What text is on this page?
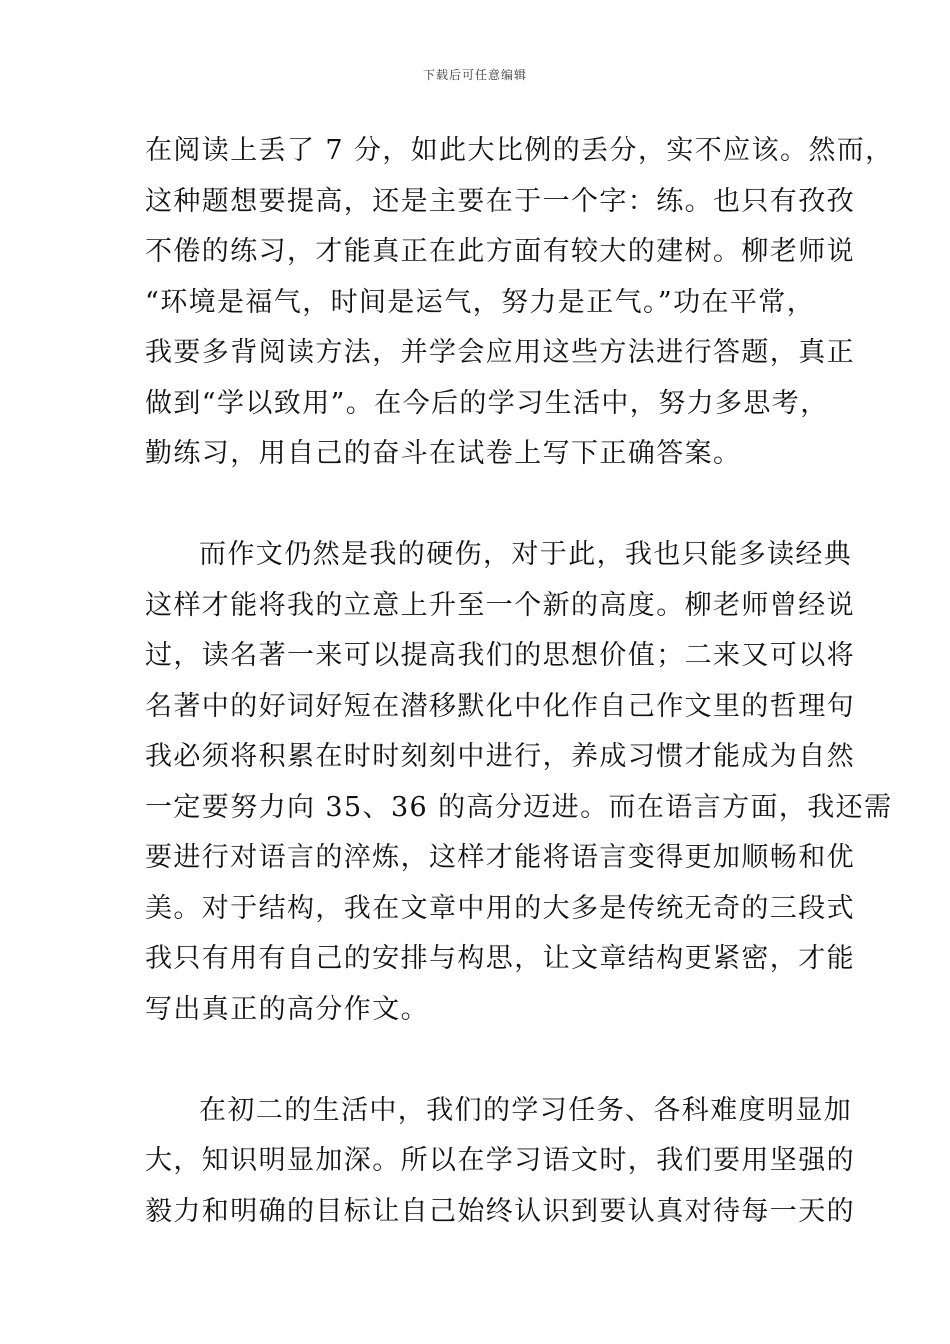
下载后可任意编辑
在阅读上丢了 7 分，如此大比例的丢分，实不应该。然而，
这种题想要提高，还是主要在于一个字：练。也只有孜孜
不倦的练习，才能真正在此方面有较大的建树。柳老师说
“环境是福气，时间是运气，努力是正气。”功在平常，
我要多背阅读方法，并学会应用这些方法进行答题，真正
做到“学以致用”。在今后的学习生活中，努力多思考，
勤练习，用自己的奋斗在试卷上写下正确答案。
而作文仍然是我的硬伤，对于此，我也只能多读经典
这样才能将我的立意上升至一个新的高度。柳老师曾经说
过，读名著一来可以提高我们的思想价值；二来又可以将
名著中的好词好短在潜移默化中化作自己作文里的哲理句
我必须将积累在时时刻刻中进行，养成习惯才能成为自然
一定要努力向 35、36 的高分迈进。而在语言方面，我还需
要进行对语言的淬炼，这样才能将语言变得更加顺畅和优
美。对于结构，我在文章中用的大多是传统无奇的三段式
我只有用有自己的安排与构思，让文章结构更紧密，才能
写出真正的高分作文。
在初二的生活中，我们的学习任务、各科难度明显加
大，知识明显加深。所以在学习语文时，我们要用坚强的
毅力和明确的目标让自己始终认识到要认真对待每一天的
